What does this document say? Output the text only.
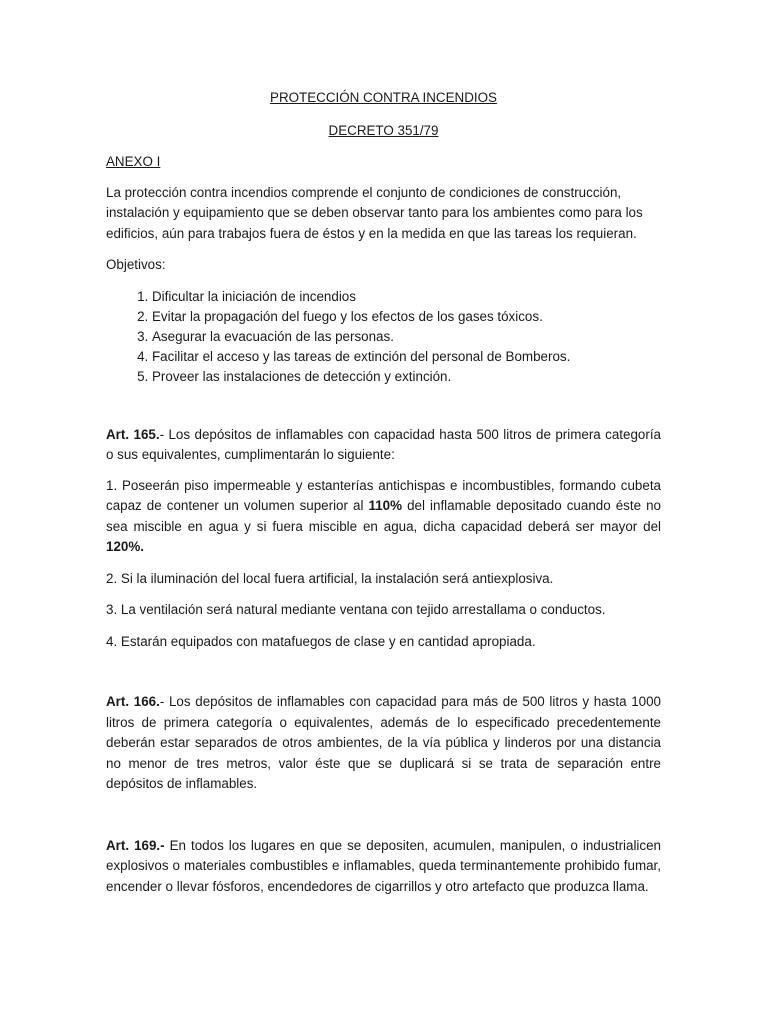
PROTECCIÓN CONTRA INCENDIOS

DECRETO 351/79

ANEXO I

La protección contra incendios comprende el conjunto de condiciones de construcción, instalación y equipamiento que se deben observar tanto para los ambientes como para los edificios, aún para trabajos fuera de éstos y en la medida en que las tareas los requieran.

Objetivos:

1. Dificultar la iniciación de incendios
2. Evitar la propagación del fuego y los efectos de los gases tóxicos.
3. Asegurar la evacuación de las personas.
4. Facilitar el acceso y las tareas de extinción del personal de Bomberos.
5. Proveer las instalaciones de detección y extinción.

Art. 165.- Los depósitos de inflamables con capacidad hasta 500 litros de primera categoría o sus equivalentes, cumplimentarán lo siguiente:

1. Poseerán piso impermeable y estanterías antichispas e incombustibles, formando cubeta capaz de contener un volumen superior al 110% del inflamable depositado cuando éste no sea miscible en agua y si fuera miscible en agua, dicha capacidad deberá ser mayor del 120%.

2. Si la iluminación del local fuera artificial, la instalación será antiexplosiva.

3. La ventilación será natural mediante ventana con tejido arrestallama o conductos.

4. Estarán equipados con matafuegos de clase y en cantidad apropiada.

Art. 166.- Los depósitos de inflamables con capacidad para más de 500 litros y hasta 1000 litros de primera categoría o equivalentes, además de lo especificado precedentemente deberán estar separados de otros ambientes, de la vía pública y linderos por una distancia no menor de tres metros, valor éste que se duplicará si se trata de separación entre depósitos de inflamables.

Art. 169.- En todos los lugares en que se depositen, acumulen, manipulen, o industrialicen explosivos o materiales combustibles e inflamables, queda terminantemente prohibido fumar, encender o llevar fósforos, encendedores de cigarrillos y otro artefacto que produzca llama.
